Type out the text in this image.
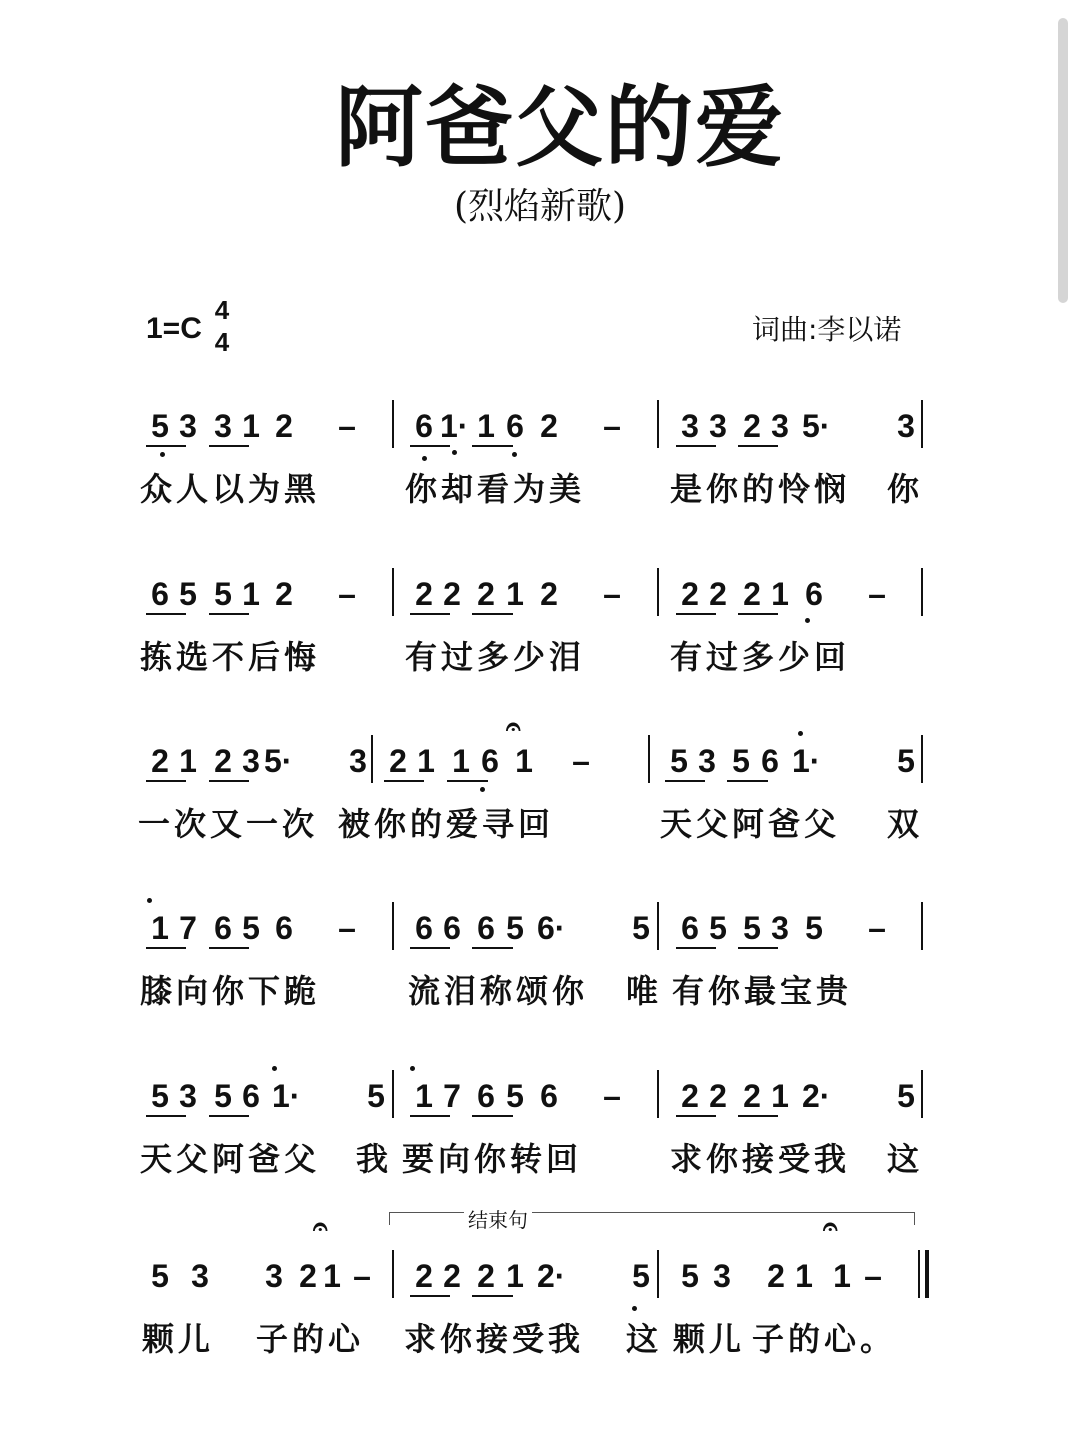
阿爸父的爱
(烈焰新歌)
1=C
4
4	词曲:李以诺
结束句
5 3 3 1 2 – 6 1· 1 6 2 – 3 3 2 3 5· 3
众人以为黑	你却看为美	是你的怜悯 你
6 5 5 1 2 – 2 2 2 1 2 – 2 2 2 1 6 –
拣选不后悔	有过多少泪	有过多少回
2 1 2 3 5· 3 2 1 1 6 1 –	5 3 5 6 1· 5
一次又一次 被你的爱寻回	天父阿爸父 双
1 7 6 5 6 – 6 6 6 5 6· 5 6 5 5 3 5 –
膝向你下跪	流泪称颂你 唯 有你最宝贵
5 3 5 6 1· 5 1 7 6 5 6 – 2 2 2 1 2· 5
天父阿爸父 我 要向你转回	求你接受我 这
5 3 3 2 1 – 2 2 2 1 2· 5 5 3 2 1 1 –
颗儿 子的心 求你接受我 这 颗儿 子的心。
𝄐
𝄐	𝄐
